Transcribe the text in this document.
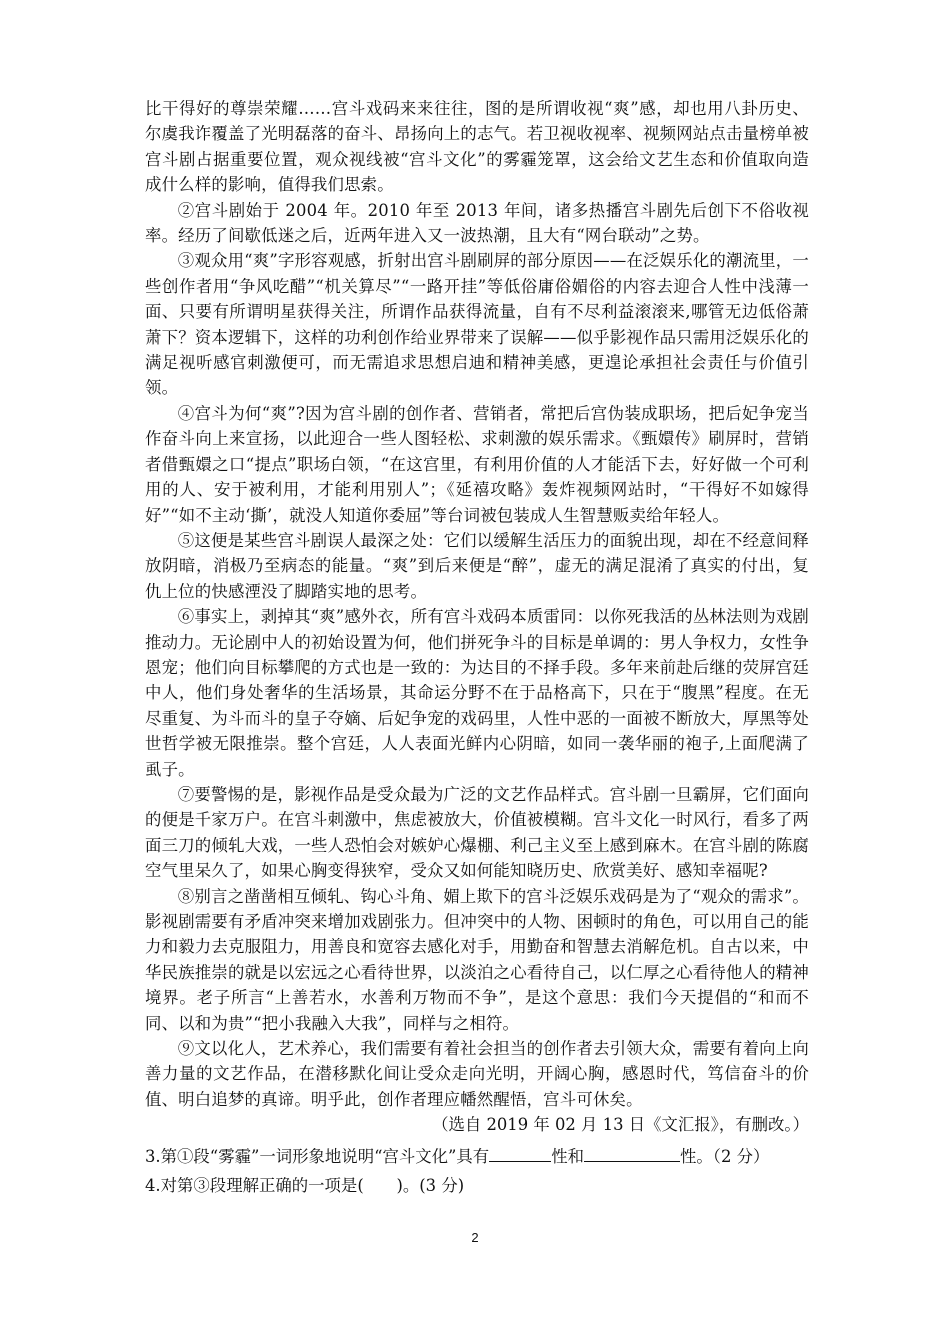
比干得好的尊崇荣耀……宫斗戏码来来往往，图的是所谓收视“爽”感，却也用八卦历史、尔虞我诈覆盖了光明磊落的奋斗、昂扬向上的志气。若卫视收视率、视频网站点击量榜单被宫斗剧占据重要位置，观众视线被“宫斗文化”的雾霾笼罩，这会给文艺生态和价值取向造成什么样的影响，值得我们思索。

②宫斗剧始于 2004 年。2010 年至 2013 年间，诸多热播宫斗剧先后创下不俗收视率。经历了间歇低迷之后，近两年进入又一波热潮，且大有“网台联动”之势。

③观众用“爽”字形容观感，折射出宫斗剧刷屏的部分原因——在泛娱乐化的潮流里，一些创作者用“争风吃醋”“机关算尽”“一路开挂”等低俗庸俗媚俗的内容去迎合人性中浅薄一面、只要有所谓明星获得关注，所谓作品获得流量，自有不尽利益滚滚来,哪管无边低俗萧萧下？资本逻辑下，这样的功利创作给业界带来了误解——似乎影视作品只需用泛娱乐化的满足视听感官刺激便可，而无需追求思想启迪和精神美感，更遑论承担社会责任与价值引领。

④宫斗为何“爽”?因为宫斗剧的创作者、营销者，常把后宫伪装成职场，把后妃争宠当作奋斗向上来宣扬，以此迎合一些人图轻松、求刺激的娱乐需求。《甄嬛传》刷屏时，营销者借甄嬛之口“提点”职场白领，“在这宫里，有利用价值的人才能活下去，好好做一个可利用的人、安于被利用，才能利用别人”；《延禧攻略》轰炸视频网站时，“干得好不如嫁得好”“如不主动‘撕’，就没人知道你委屈”等台词被包装成人生智慧贩卖给年轻人。

⑤这便是某些宫斗剧误人最深之处：它们以缓解生活压力的面貌出现，却在不经意间释放阴暗，消极乃至病态的能量。“爽”到后来便是“醉”，虚无的满足混淆了真实的付出，复仇上位的快感湮没了脚踏实地的思考。

⑥事实上，剥掉其“爽”感外衣，所有宫斗戏码本质雷同：以你死我活的丛林法则为戏剧推动力。无论剧中人的初始设置为何，他们拼死争斗的目标是单调的：男人争权力，女性争恩宠；他们向目标攀爬的方式也是一致的：为达目的不择手段。多年来前赴后继的荧屏宫廷中人，他们身处奢华的生活场景，其命运分野不在于品格高下，只在于“腹黑”程度。在无尽重复、为斗而斗的皇子夺嫡、后妃争宠的戏码里，人性中恶的一面被不断放大，厚黑等处世哲学被无限推崇。整个宫廷，人人表面光鲜内心阴暗，如同一袭华丽的袍子,上面爬满了虱子。

⑦要警惕的是，影视作品是受众最为广泛的文艺作品样式。宫斗剧一旦霸屏，它们面向的便是千家万户。在宫斗刺激中，焦虑被放大，价值被模糊。宫斗文化一时风行，看多了两面三刀的倾轧大戏，一些人恐怕会对嫉妒心爆棚、利己主义至上感到麻木。在宫斗剧的陈腐空气里呆久了，如果心胸变得狭窄，受众又如何能知晓历史、欣赏美好、感知幸福呢?

⑧别言之凿凿相互倾轧、钩心斗角、媚上欺下的宫斗泛娱乐戏码是为了“观众的需求”。影视剧需要有矛盾冲突来增加戏剧张力。但冲突中的人物、困顿时的角色，可以用自己的能力和毅力去克服阻力，用善良和宽容去感化对手，用勤奋和智慧去消解危机。自古以来，中华民族推崇的就是以宏远之心看待世界，以淡泊之心看待自己，以仁厚之心看待他人的精神境界。老子所言“上善若水，水善利万物而不争”，是这个意思：我们今天提倡的“和而不同、以和为贵”“把小我融入大我”，同样与之相符。

⑨文以化人，艺术养心，我们需要有着社会担当的创作者去引领大众，需要有着向上向善力量的文艺作品，在潜移默化间让受众走向光明，开阔心胸，感恩时代，笃信奋斗的价值、明白追梦的真谛。明乎此，创作者理应幡然醒悟，宫斗可休矣。

（选自 2019 年 02 月 13 日《文汇报》，有删改。）

3.第①段“雾霾”一词形象地说明“宫斗文化”具有	性和	性。（2 分）

4.对第③段理解正确的一项是(　　)。(3 分)

2
